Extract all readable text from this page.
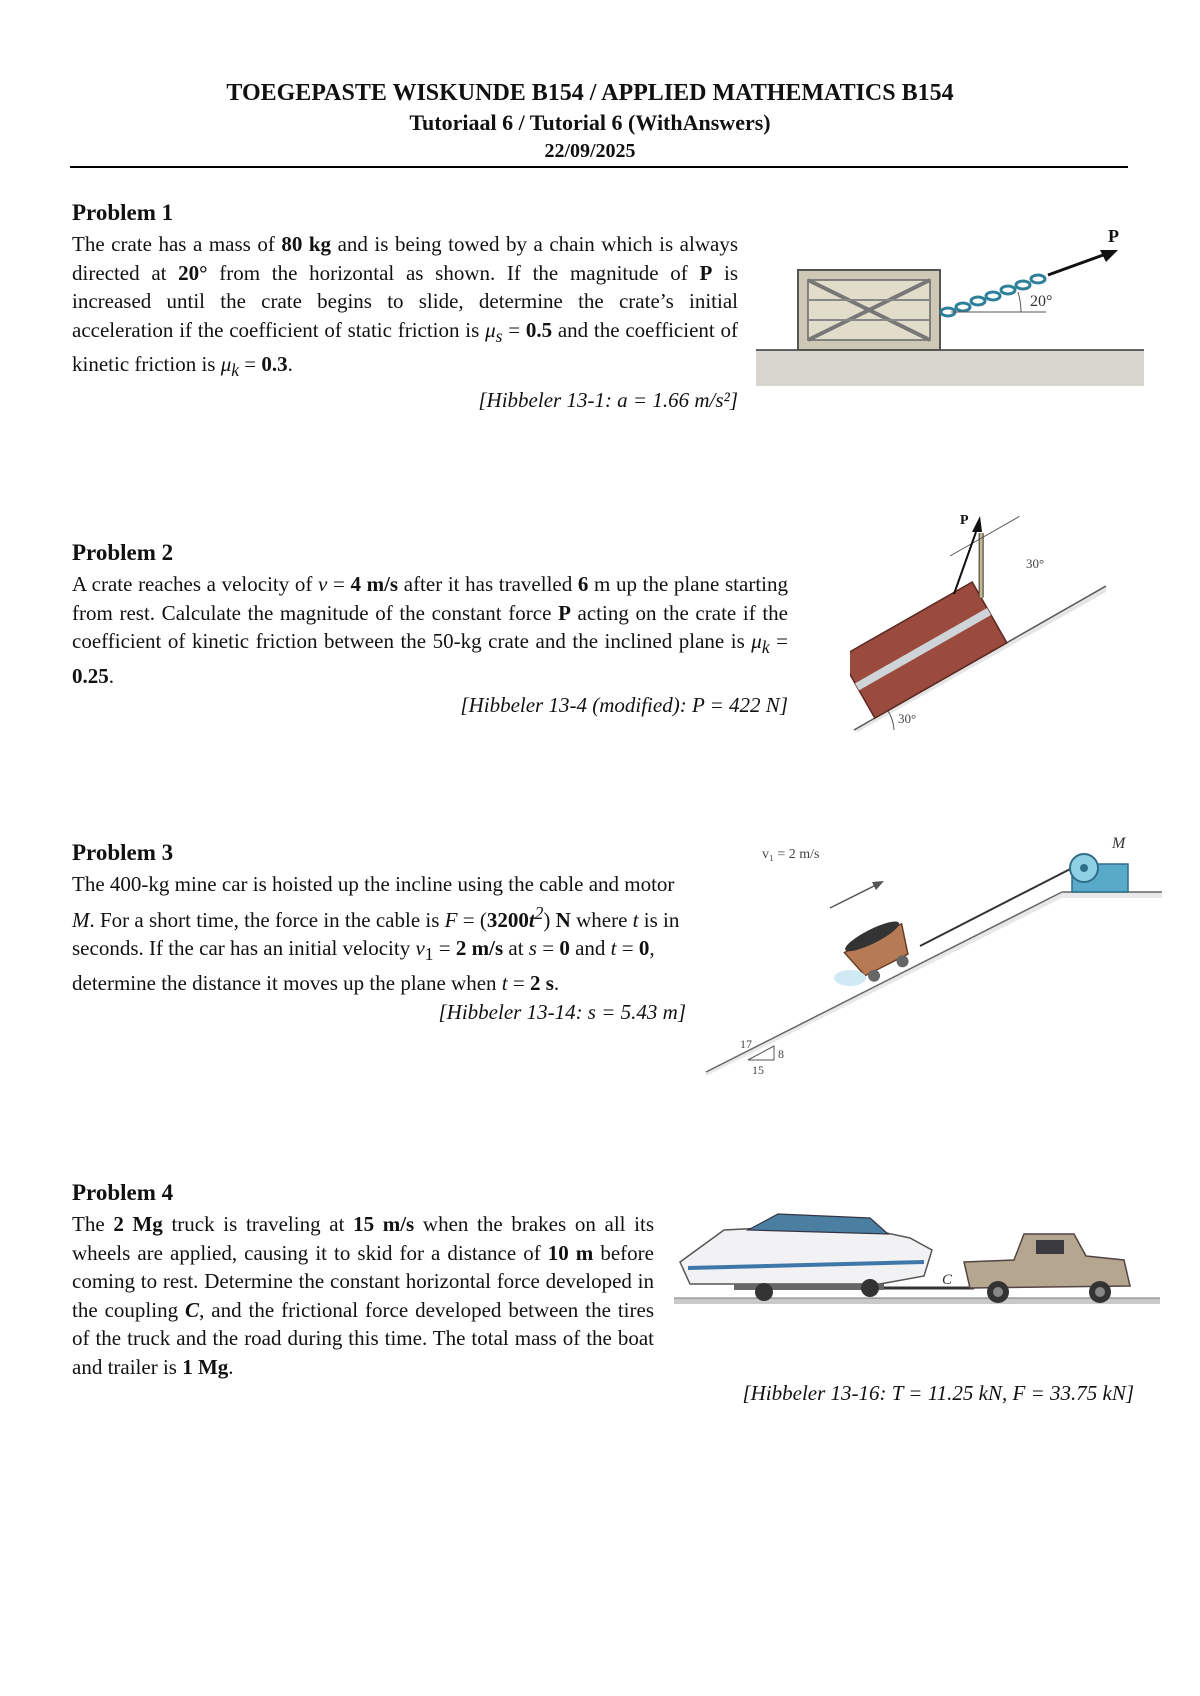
TOEGEPASTE WISKUNDE B154 / APPLIED MATHEMATICS B154
Tutoriaal 6 / Tutorial 6 (WithAnswers)
22/09/2025
Problem 1
The crate has a mass of 80 kg and is being towed by a chain which is always directed at 20° from the horizontal as shown. If the magnitude of P is increased until the crate begins to slide, determine the crate’s initial acceleration if the coefficient of static friction is $\mu_s = 0.5$ and the coefficient of kinetic friction is $\mu_k = 0.3$.
[Hibbeler 13-1: a = 1.66 m/s²]
20°
P
Problem 2
A crate reaches a velocity of v = 4 m/s after it has travelled 6 m up the plane starting from rest. Calculate the magnitude of the constant force P acting on the crate if the coefficient of kinetic friction between the 50-kg crate and the inclined plane is $\mu_k = 0.25$.
[Hibbeler 13-4 (modified): P = 422 N]
30°
30°
P
Problem 3
The 400-kg mine car is hoisted up the incline using the cable and motor M. For a short time, the force in the cable is $F = (3200t^2)$ N where t is in seconds. If the car has an initial velocity $v_1 = 2$ m/s at s = 0 and t = 0, determine the distance it moves up the plane when t = 2 s.
[Hibbeler 13-14: s = 5.43 m]
M
v₁ = 2 m/s
17
8
15
Problem 4
The 2 Mg truck is traveling at 15 m/s when the brakes on all its wheels are applied, causing it to skid for a distance of 10 m before coming to rest. Determine the constant horizontal force developed in the coupling C, and the frictional force developed between the tires of the truck and the road during this time. The total mass of the boat and trailer is 1 Mg.
[Hibbeler 13-16: T = 11.25 kN, F = 33.75 kN]
C
